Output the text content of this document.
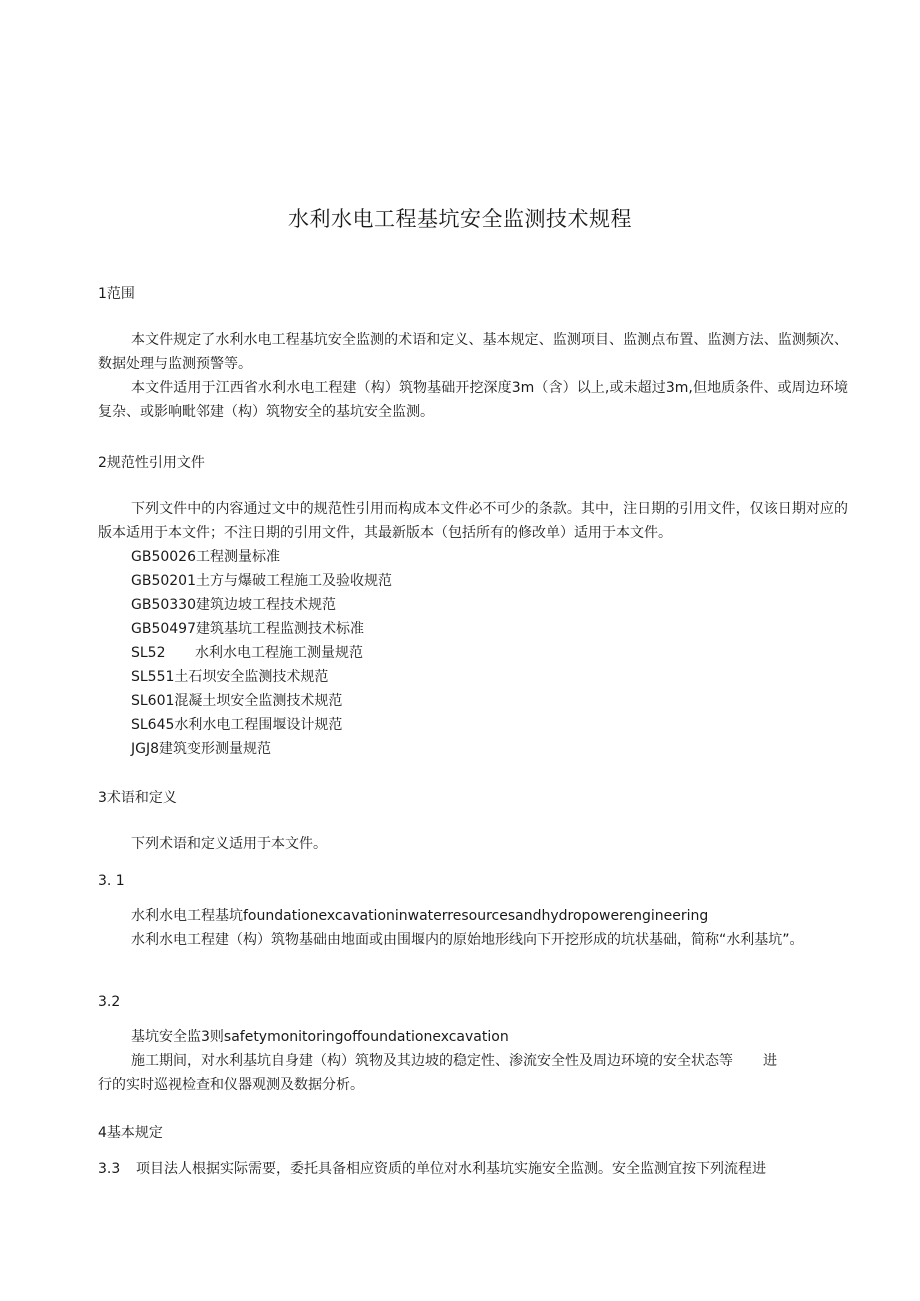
水利水电工程基坑安全监测技术规程
1范围
本文件规定了水利水电工程基坑安全监测的术语和定义、基本规定、监测项目、监测点布置、监测方法、监测频次、数据处理与监测预警等。
本文件适用于江西省水利水电工程建（构）筑物基础开挖深度3m（含）以上,或未超过3m,但地质条件、或周边环境复杂、或影响毗邻建（构）筑物安全的基坑安全监测。
2规范性引用文件
下列文件中的内容通过文中的规范性引用而构成本文件必不可少的条款。其中，注日期的引用文件，仅该日期对应的版本适用于本文件；不注日期的引用文件，其最新版本（包括所有的修改单）适用于本文件。
GB50026工程测量标准
GB50201土方与爆破工程施工及验收规范
GB50330建筑边坡工程技术规范
GB50497建筑基坑工程监测技术标准
SL52 水利水电工程施工测量规范
SL551土石坝安全监测技术规范
SL601混凝土坝安全监测技术规范
SL645水利水电工程围堰设计规范
JGJ8建筑变形测量规范
3术语和定义
下列术语和定义适用于本文件。
3. 1
水利水电工程基坑foundationexcavationinwaterresourcesandhydropowerengineering
水利水电工程建（构）筑物基础由地面或由围堰内的原始地形线向下开挖形成的坑状基础，简称“水利基坑”。
3.2
基坑安全监3则safetymonitoringoffoundationexcavation
施工期间，对水利基坑自身建（构）筑物及其边坡的稳定性、渗流安全性及周边环境的安全状态等 进
行的实时巡视检查和仪器观测及数据分析。
4基本规定
3.3 项目法人根据实际需要，委托具备相应资质的单位对水利基坑实施安全监测。安全监测宜按下列流程进
